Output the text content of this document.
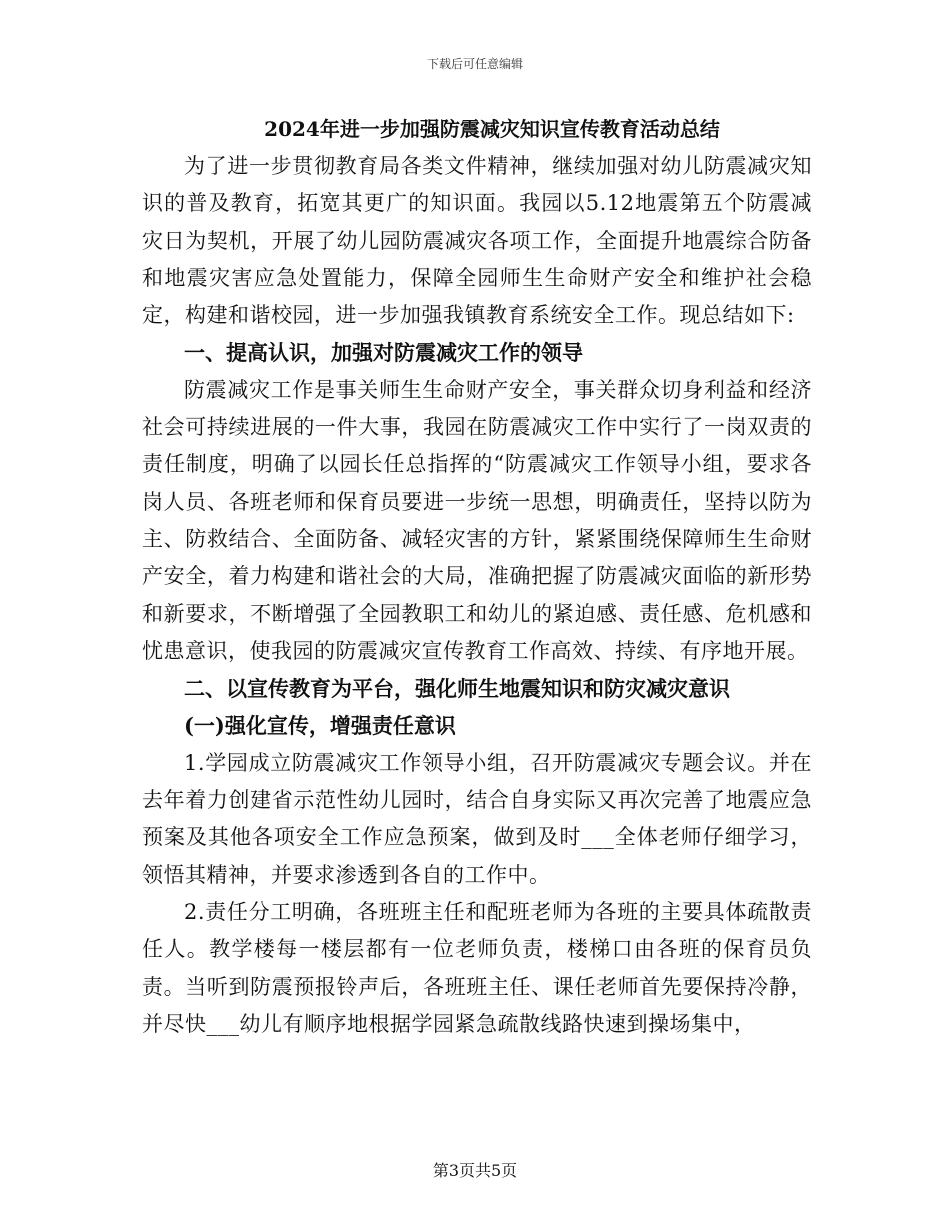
下载后可任意编辑
2024年进一步加强防震减灾知识宣传教育活动总结

为了进一步贯彻教育局各类文件精神，继续加强对幼儿防震减灾知识的普及教育，拓宽其更广的知识面。我园以5.12地震第五个防震减灾日为契机，开展了幼儿园防震减灾各项工作，全面提升地震综合防备和地震灾害应急处置能力，保障全园师生生命财产安全和维护社会稳定，构建和谐校园，进一步加强我镇教育系统安全工作。现总结如下:

一、提高认识，加强对防震减灾工作的领导

防震减灾工作是事关师生生命财产安全，事关群众切身利益和经济社会可持续进展的一件大事，我园在防震减灾工作中实行了一岗双责的责任制度，明确了以园长任总指挥的“防震减灾工作领导小组，要求各岗人员、各班老师和保育员要进一步统一思想，明确责任，坚持以防为主、防救结合、全面防备、减轻灾害的方针，紧紧围绕保障师生生命财产安全，着力构建和谐社会的大局，准确把握了防震减灾面临的新形势和新要求，不断增强了全园教职工和幼儿的紧迫感、责任感、危机感和忧患意识，使我园的防震减灾宣传教育工作高效、持续、有序地开展。

二、以宣传教育为平台，强化师生地震知识和防灾减灾意识

(一)强化宣传，增强责任意识

1.学园成立防震减灾工作领导小组，召开防震减灾专题会议。并在去年着力创建省示范性幼儿园时，结合自身实际又再次完善了地震应急预案及其他各项安全工作应急预案，做到及时___全体老师仔细学习，领悟其精神，并要求渗透到各自的工作中。

2.责任分工明确，各班班主任和配班老师为各班的主要具体疏散责任人。教学楼每一楼层都有一位老师负责，楼梯口由各班的保育员负责。当听到防震预报铃声后，各班班主任、课任老师首先要保持冷静，并尽快___幼儿有顺序地根据学园紧急疏散线路快速到操场集中，

第3页共5页
